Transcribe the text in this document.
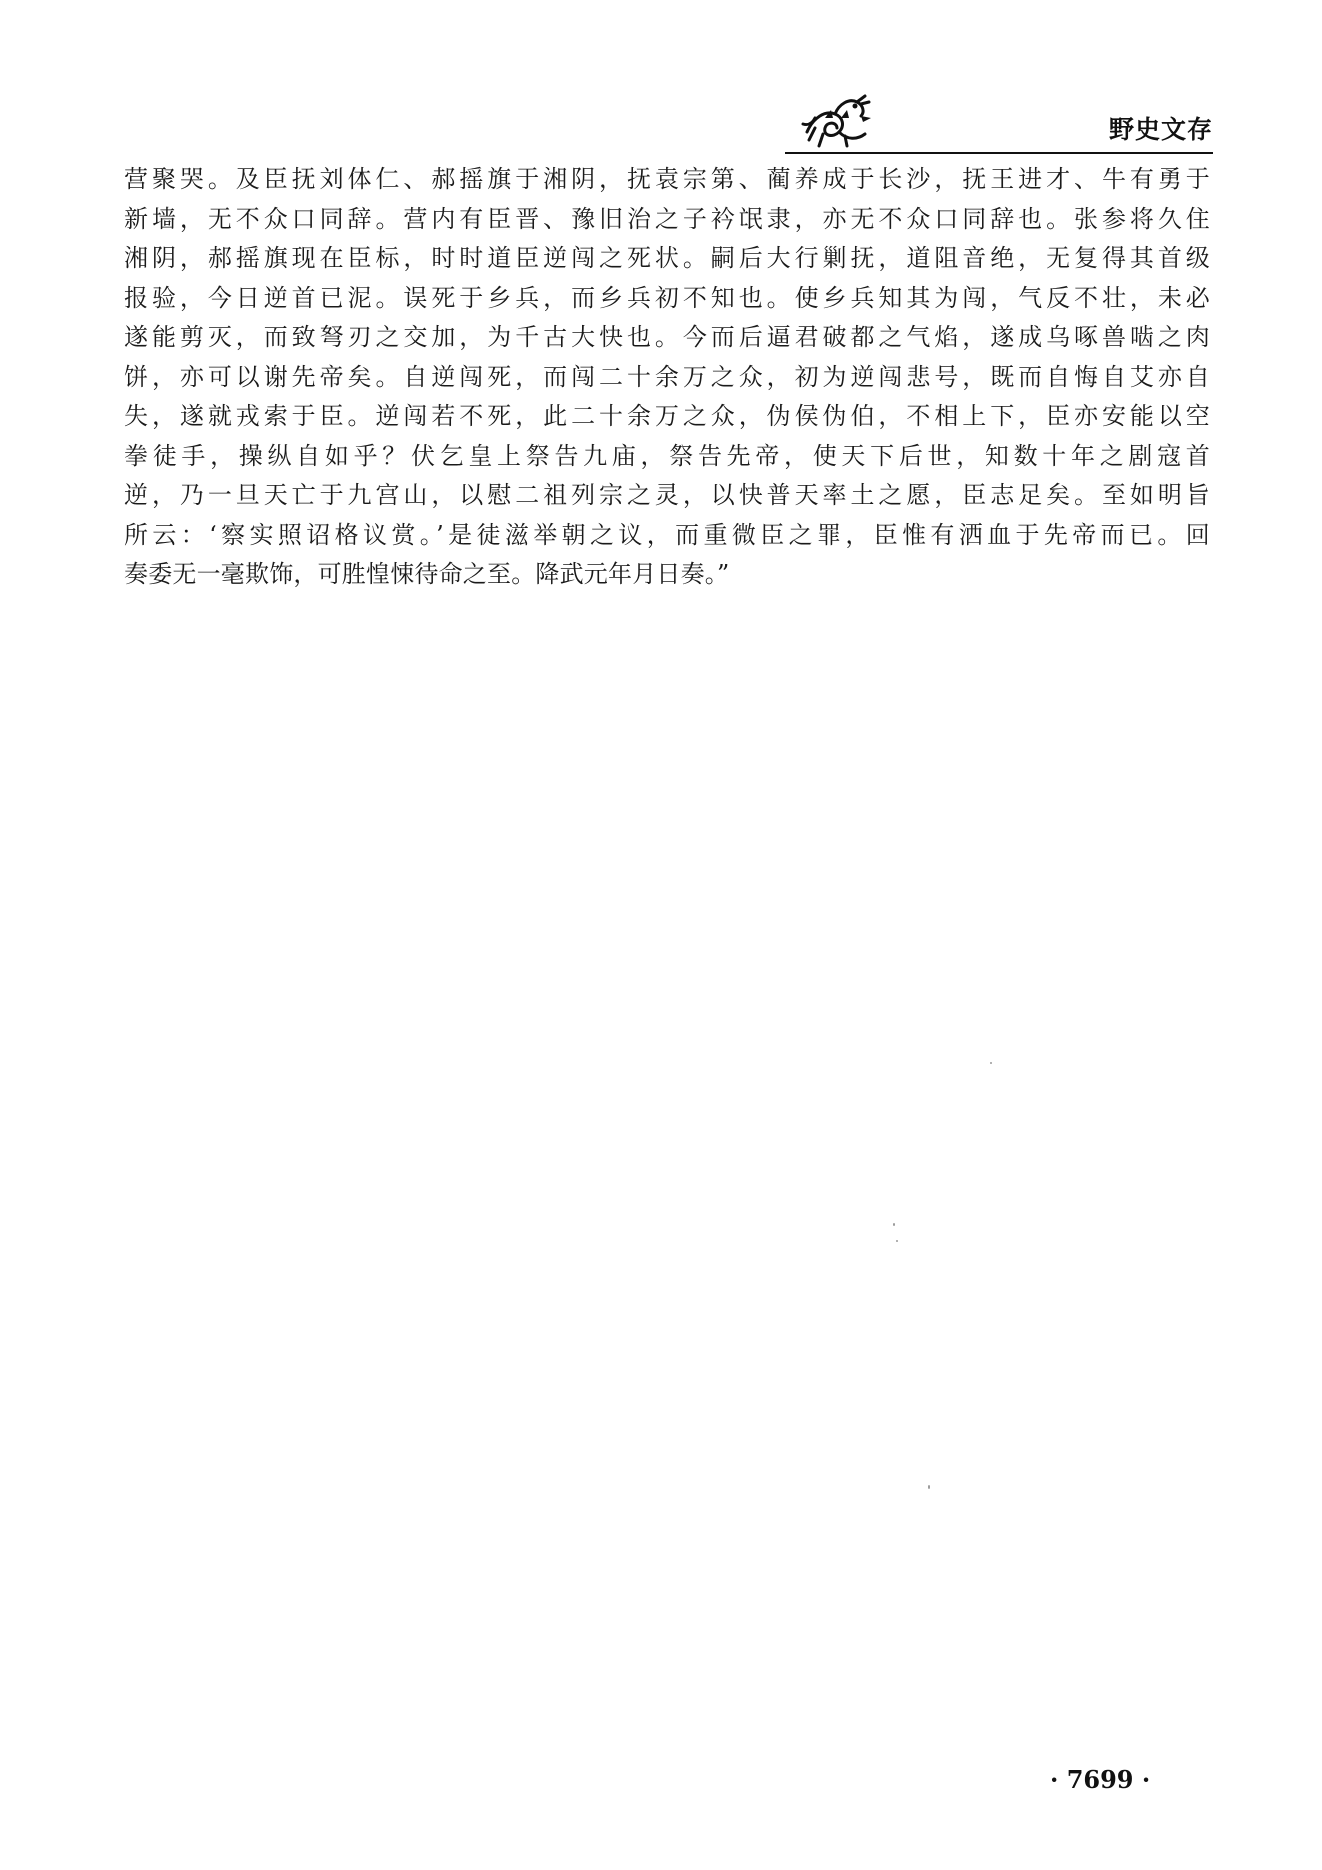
野史文存
营聚哭。及臣抚刘体仁、郝摇旗于湘阴，抚袁宗第、蔺养成于长沙，抚王进才、牛有勇于
新墙，无不众口同辞。营内有臣晋、豫旧治之子衿氓隶，亦无不众口同辞也。张参将久住
湘阴，郝摇旗现在臣标，时时道臣逆闯之死状。嗣后大行剿抚，道阻音绝，无复得其首级
报验，今日逆首已泥。误死于乡兵，而乡兵初不知也。使乡兵知其为闯，气反不壮，未必
遂能剪灭，而致弩刃之交加，为千古大快也。今而后逼君破都之气焰，遂成乌啄兽啮之肉
饼，亦可以谢先帝矣。自逆闯死，而闯二十余万之众，初为逆闯悲号，既而自悔自艾亦自
失，遂就戎索于臣。逆闯若不死，此二十余万之众，伪侯伪伯，不相上下，臣亦安能以空
拳徒手，操纵自如乎？伏乞皇上祭告九庙，祭告先帝，使天下后世，知数十年之剧寇首
逆，乃一旦天亡于九宫山，以慰二祖列宗之灵，以快普天率土之愿，臣志足矣。至如明旨
所云：‘察实照诏格议赏。’是徒滋举朝之议，而重微臣之罪，臣惟有洒血于先帝而已。回
奏委无一毫欺饰，可胜惶悚待命之至。降武元年月日奏。”
· 7699 ·
